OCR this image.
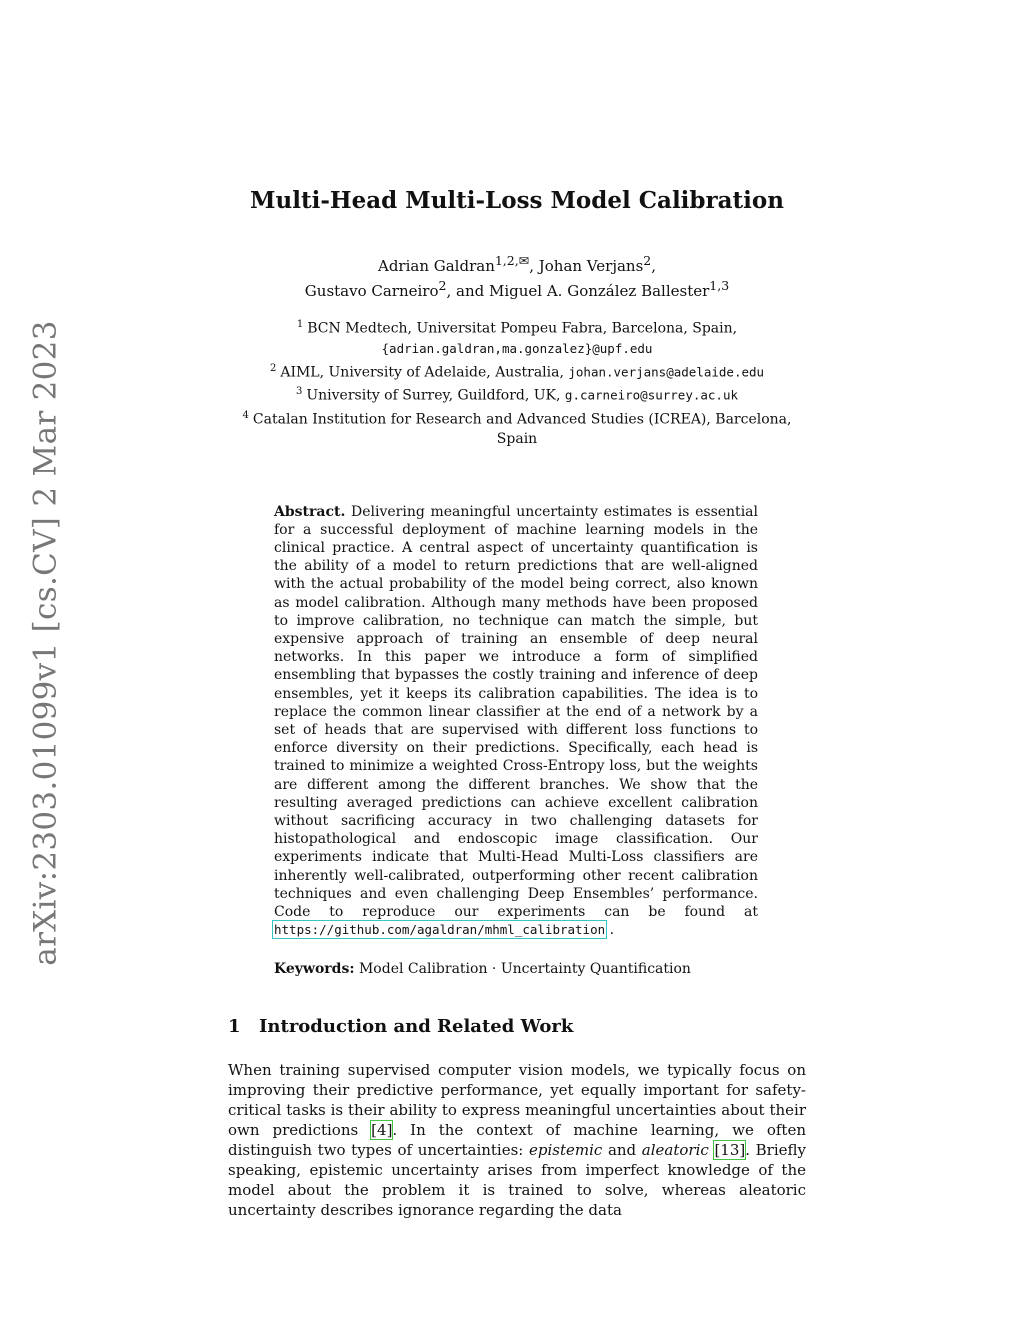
arXiv:2303.01099v1 [cs.CV] 2 Mar 2023
Multi-Head Multi-Loss Model Calibration
Adrian Galdran$^{1,2,✉}$, Johan Verjans$^2$,
Gustavo Carneiro$^2$, and Miguel A. González Ballester$^{1,3}$
$^1$ BCN Medtech, Universitat Pompeu Fabra, Barcelona, Spain,
{adrian.galdran,ma.gonzalez}@upf.edu
$^2$ AIML, University of Adelaide, Australia, johan.verjans@adelaide.edu
$^3$ University of Surrey, Guildford, UK, g.carneiro@surrey.ac.uk
$^4$ Catalan Institution for Research and Advanced Studies (ICREA), Barcelona, Spain
Abstract. Delivering meaningful uncertainty estimates is essential for a successful deployment of machine learning models in the clinical practice. A central aspect of uncertainty quantification is the ability of a model to return predictions that are well-aligned with the actual probability of the model being correct, also known as model calibration. Although many methods have been proposed to improve calibration, no technique can match the simple, but expensive approach of training an ensemble of deep neural networks. In this paper we introduce a form of simplified ensembling that bypasses the costly training and inference of deep ensembles, yet it keeps its calibration capabilities. The idea is to replace the common linear classifier at the end of a network by a set of heads that are supervised with different loss functions to enforce diversity on their predictions. Specifically, each head is trained to minimize a weighted Cross-Entropy loss, but the weights are different among the different branches. We show that the resulting averaged predictions can achieve excellent calibration without sacrificing accuracy in two challenging datasets for histopathological and endoscopic image classification. Our experiments indicate that Multi-Head Multi-Loss classifiers are inherently well-calibrated, outperforming other recent calibration techniques and even challenging Deep Ensembles’ performance. Code to reproduce our experiments can be found at https://github.com/agaldran/mhml_calibration .
Keywords: Model Calibration · Uncertainty Quantification
1 Introduction and Related Work
When training supervised computer vision models, we typically focus on improving their predictive performance, yet equally important for safety-critical tasks is their ability to express meaningful uncertainties about their own predictions [4]. In the context of machine learning, we often distinguish two types of uncertainties: epistemic and aleatoric [13]. Briefly speaking, epistemic uncertainty arises from imperfect knowledge of the model about the problem it is trained to solve, whereas aleatoric uncertainty describes ignorance regarding the data
